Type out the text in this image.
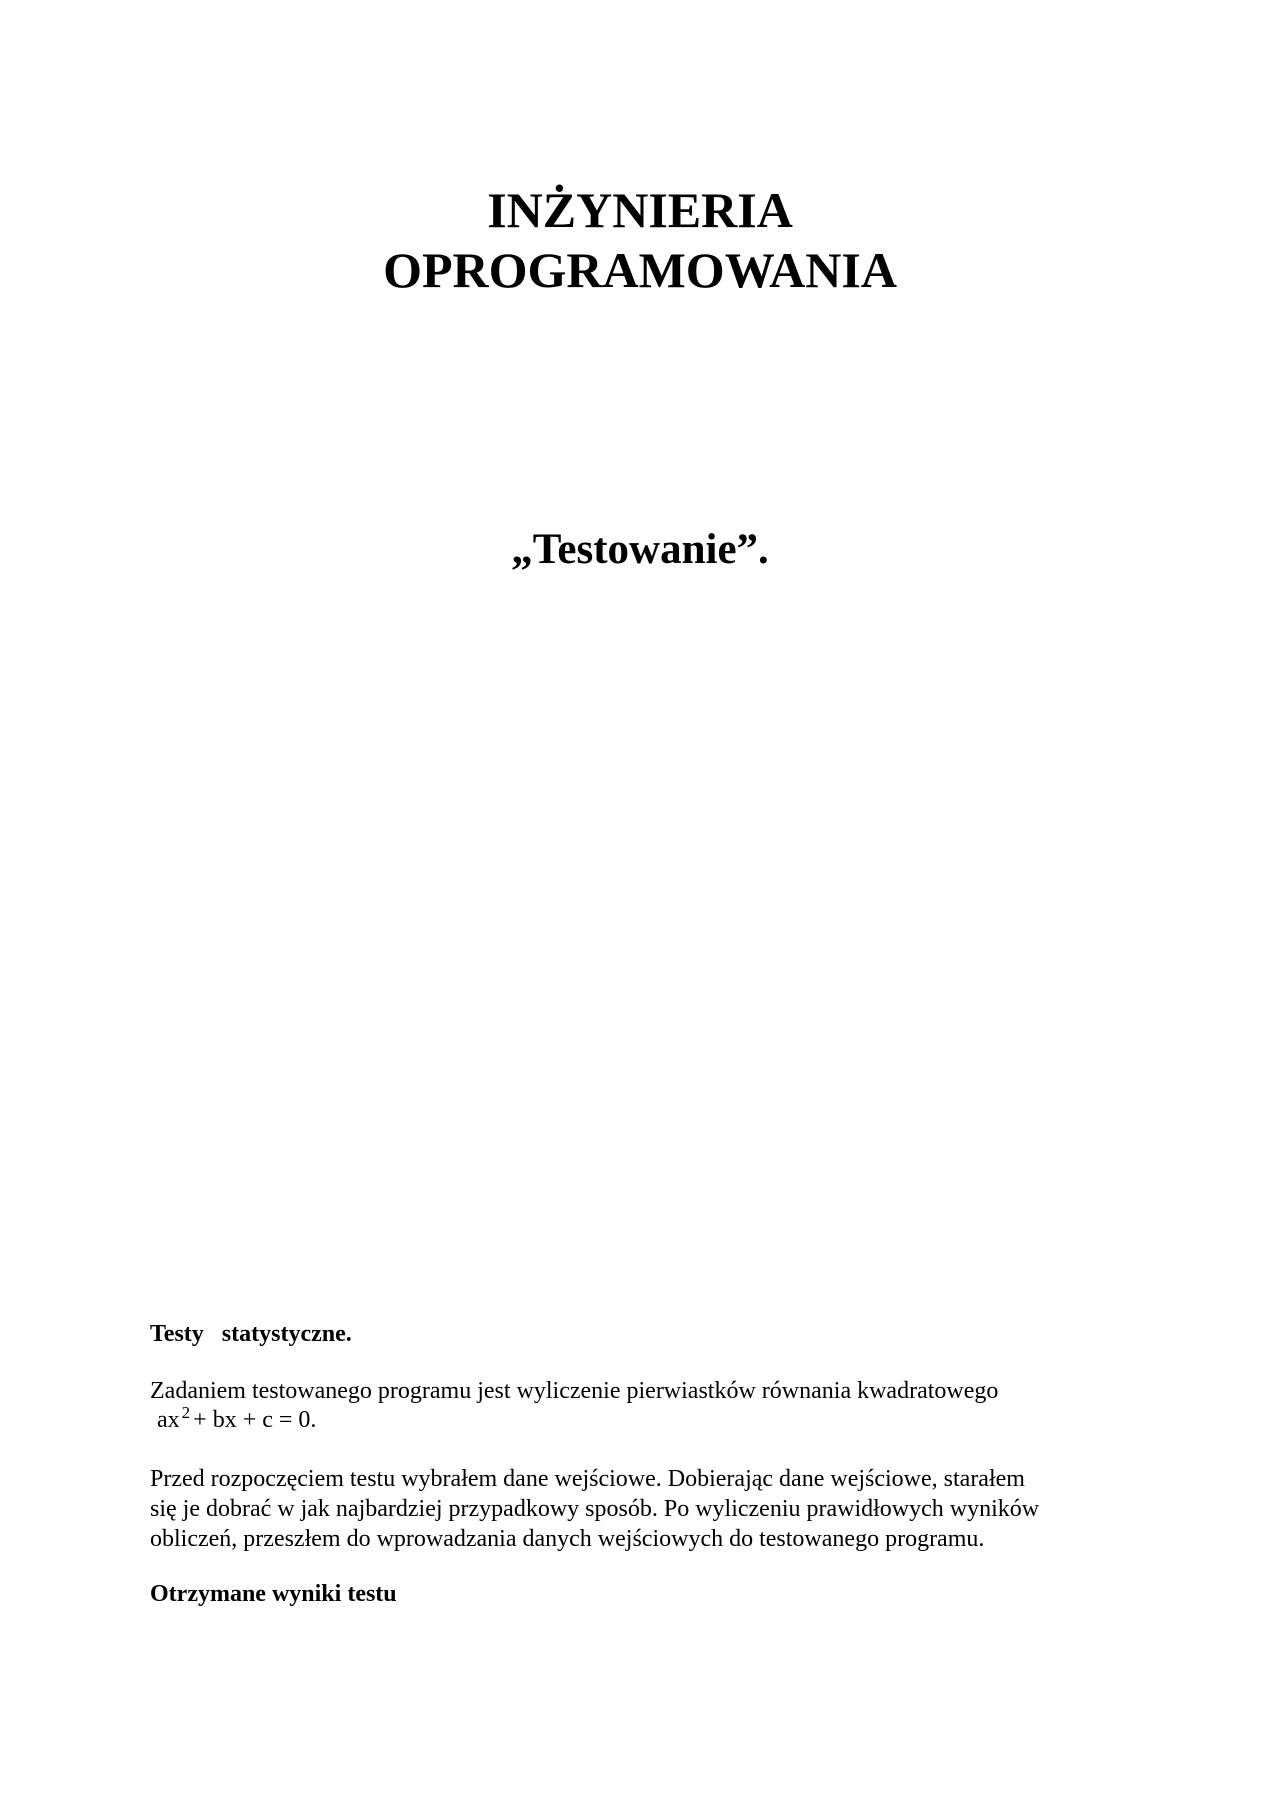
INŻYNIERIA
OPROGRAMOWANIA
„Testowanie”.

Testy statystyczne.

Zadaniem testowanego programu jest wyliczenie pierwiastków równania kwadratowego

ax $^2$ + bx + c = 0.

Przed rozpoczęciem testu wybrałem dane wejściowe. Dobierając dane wejściowe, starałem
się je dobrać w jak najbardziej przypadkowy sposób. Po wyliczeniu prawidłowych wyników
obliczeń, przeszłem do wprowadzania danych wejściowych do testowanego programu.

Otrzymane wyniki testu
